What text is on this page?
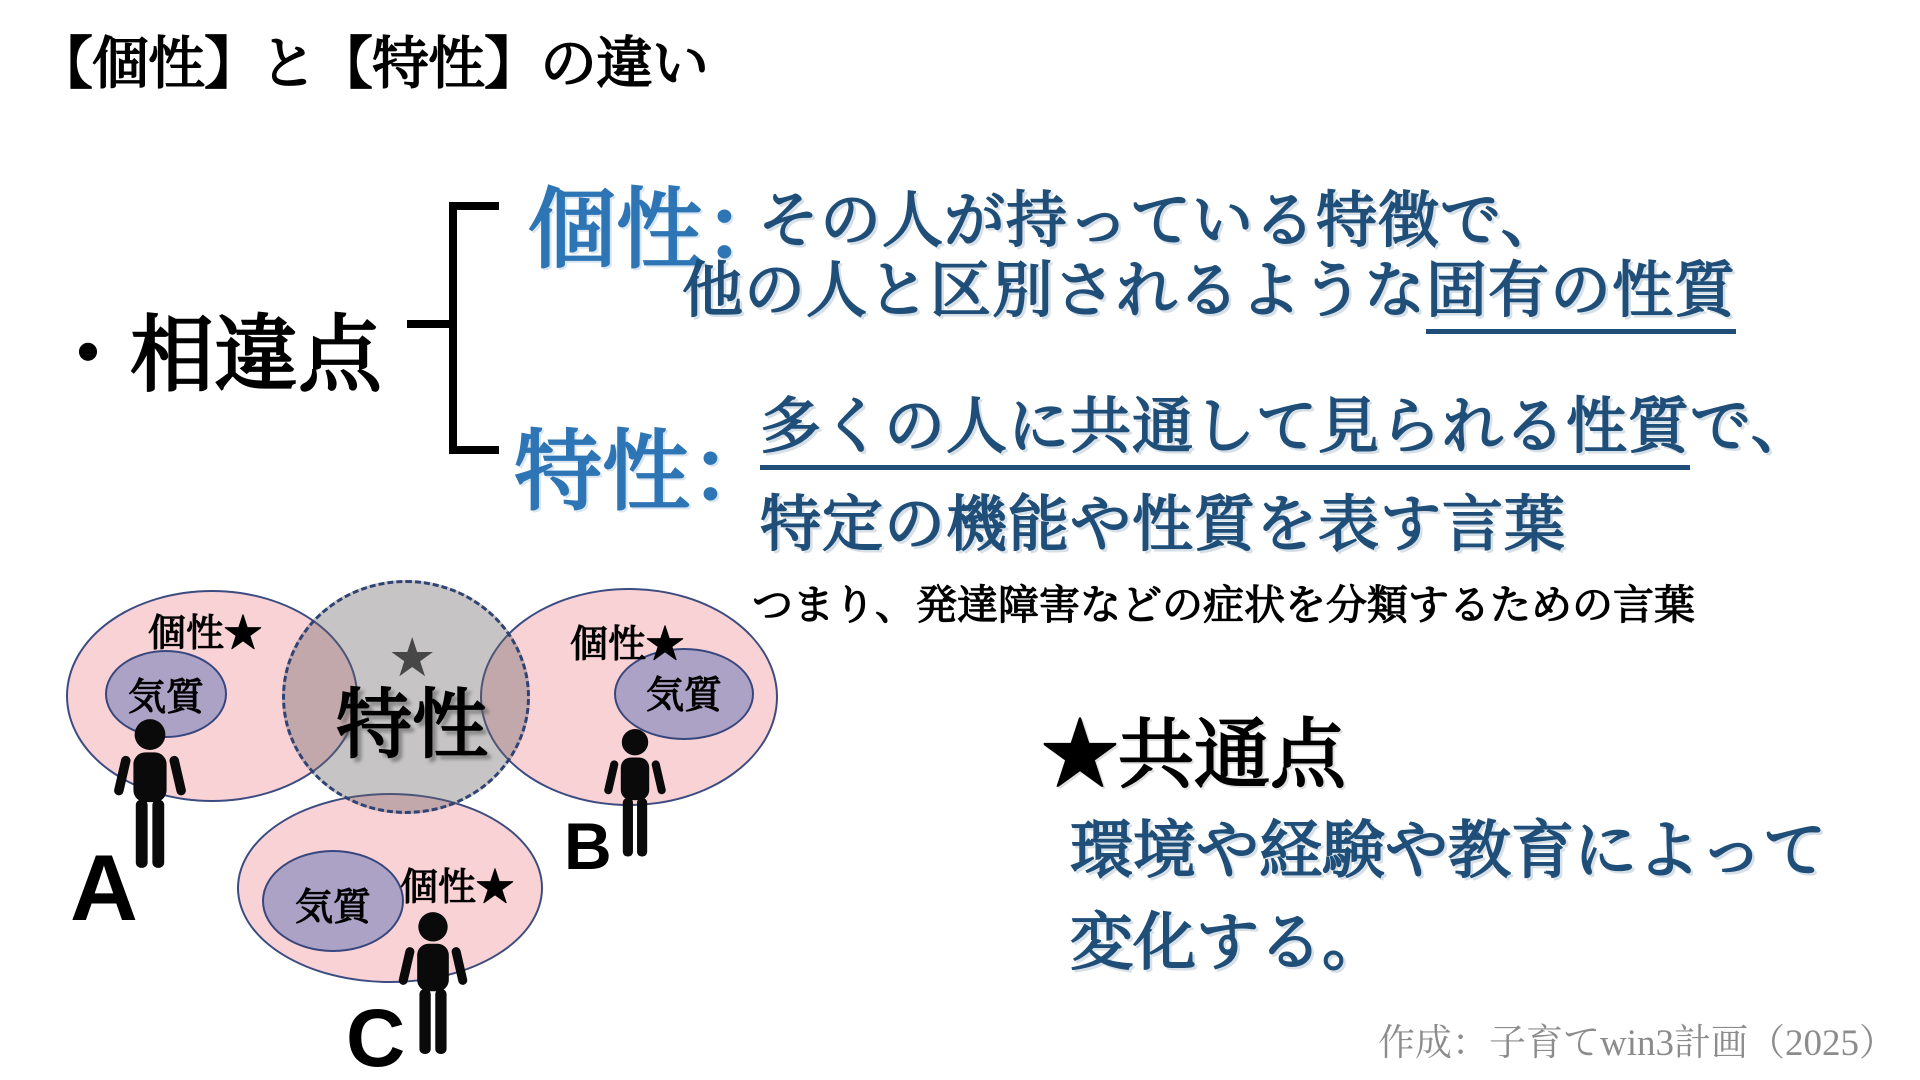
【個性】と【特性】の違い
・相違点
個性：
その人が持っている特徴で、
他の人と区別されるような固有の性質
特性：
多くの人に共通して見られる性質で、
特定の機能や性質を表す言葉
つまり、発達障害などの症状を分類するための言葉
★共通点
環境や経験や教育によって
変化する。
作成：子育てwin3計画（2025）
個性★	個性★
個性★
気質	気質
気質
★
特性
A	B
C
